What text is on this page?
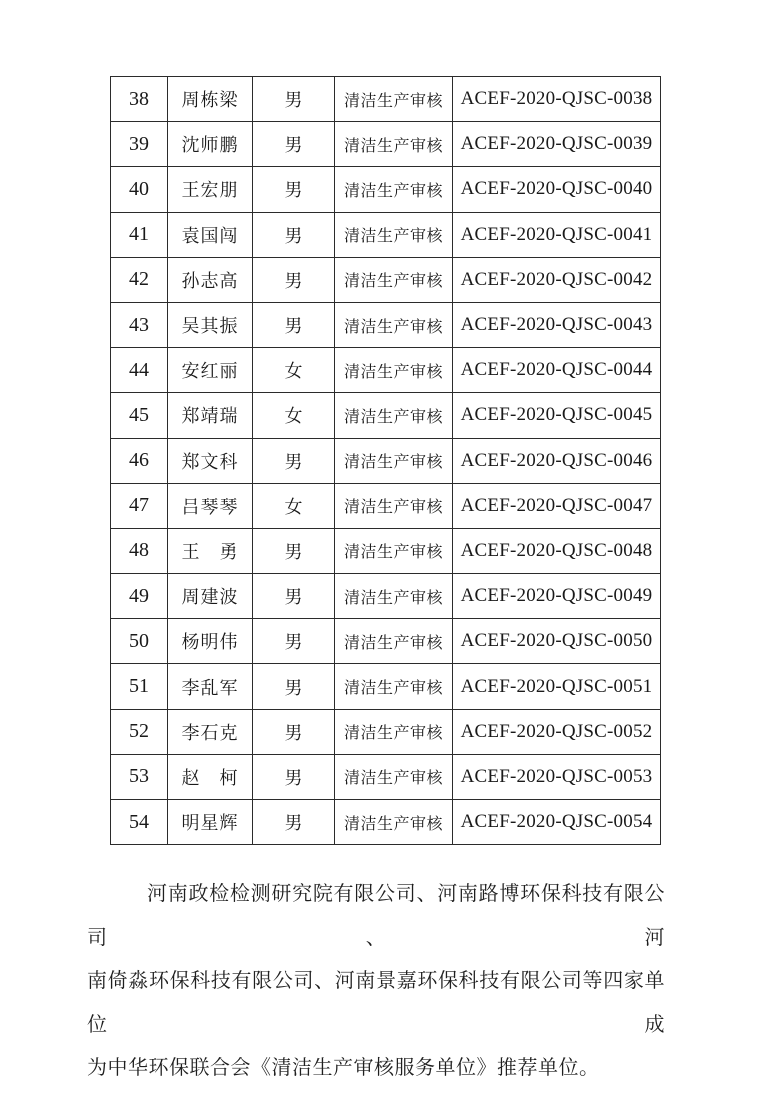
38	周栋梁	男	清洁生产审核	ACEF-2020-QJSC-0038
39	沈师鹏	男	清洁生产审核	ACEF-2020-QJSC-0039
40	王宏朋	男	清洁生产审核	ACEF-2020-QJSC-0040
41	袁国闯	男	清洁生产审核	ACEF-2020-QJSC-0041
42	孙志高	男	清洁生产审核	ACEF-2020-QJSC-0042
43	吴其振	男	清洁生产审核	ACEF-2020-QJSC-0043
44	安红丽	女	清洁生产审核	ACEF-2020-QJSC-0044
45	郑靖瑞	女	清洁生产审核	ACEF-2020-QJSC-0045
46	郑文科	男	清洁生产审核	ACEF-2020-QJSC-0046
47	吕琴琴	女	清洁生产审核	ACEF-2020-QJSC-0047
48	王　勇	男	清洁生产审核	ACEF-2020-QJSC-0048
49	周建波	男	清洁生产审核	ACEF-2020-QJSC-0049
50	杨明伟	男	清洁生产审核	ACEF-2020-QJSC-0050
51	李乱军	男	清洁生产审核	ACEF-2020-QJSC-0051
52	李石克	男	清洁生产审核	ACEF-2020-QJSC-0052
53	赵　柯	男	清洁生产审核	ACEF-2020-QJSC-0053
54	明星辉	男	清洁生产审核	ACEF-2020-QJSC-0054
河南政检检测研究院有限公司、河南路博环保科技有限公司、河
南倚淼环保科技有限公司、河南景嘉环保科技有限公司等四家单位成
为中华环保联合会《清洁生产审核服务单位》推荐单位。
